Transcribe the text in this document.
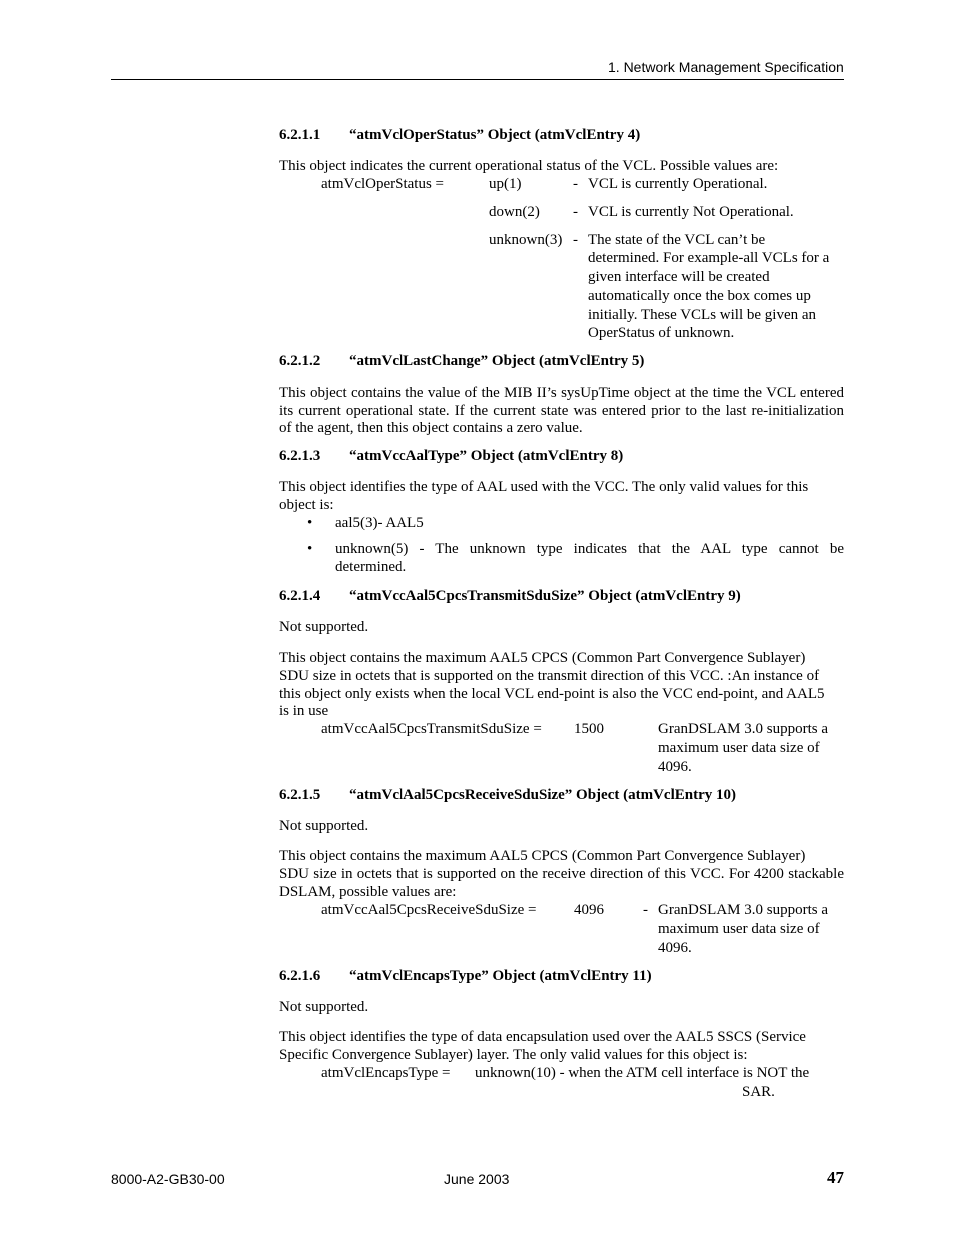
1. Network Management Specification
6.2.1.1 “atmVclOperStatus” Object (atmVclEntry 4)
This object indicates the current operational status of the VCL. Possible values are:
atmVclOperStatus =	up(1)	- VCL is currently Operational.
down(2) - VCL is currently Not Operational.
unknown(3) - The state of the VCL can’t be
determined. For example-all VCLs for a
given interface will be created
automatically once the box comes up
initially. These VCLs will be given an
OperStatus of unknown.
6.2.1.2 “atmVclLastChange” Object (atmVclEntry 5)
This object contains the value of the MIB II’s sysUpTime object at the time the VCL entered
its current operational state. If the current state was entered prior to the last re-initialization
of the agent, then this object contains a zero value.
6.2.1.3 “atmVccAalType” Object (atmVclEntry 8)
This object identifies the type of AAL used with the VCC. The only valid values for this
object is:
• aal5(3)- AAL5
• unknown(5) - The unknown type indicates that the AAL type cannot be
determined.
6.2.1.4 “atmVccAal5CpcsTransmitSduSize” Object (atmVclEntry 9)
Not supported.
This object contains the maximum AAL5 CPCS (Common Part Convergence Sublayer)
SDU size in octets that is supported on the transmit direction of this VCC. :An instance of
this object only exists when the local VCL end-point is also the VCC end-point, and AAL5
is in use
atmVccAal5CpcsTransmitSduSize = 1500	GranDSLAM 3.0 supports a
maximum user data size of
4096.
6.2.1.5 “atmVclAal5CpcsReceiveSduSize” Object (atmVclEntry 10)
Not supported.
This object contains the maximum AAL5 CPCS (Common Part Convergence Sublayer)
SDU size in octets that is supported on the receive direction of this VCC. For 4200 stackable
DSLAM, possible values are:
atmVccAal5CpcsReceiveSduSize =	4096	- GranDSLAM 3.0 supports a
maximum user data size of
4096.
6.2.1.6 “atmVclEncapsType” Object (atmVclEntry 11)
Not supported.
This object identifies the type of data encapsulation used over the AAL5 SSCS (Service
Specific Convergence Sublayer) layer. The only valid values for this object is:
atmVclEncapsType = unknown(10) - when the ATM cell interface is NOT the
SAR.
8000-A2-GB30-00	June 2003	47
